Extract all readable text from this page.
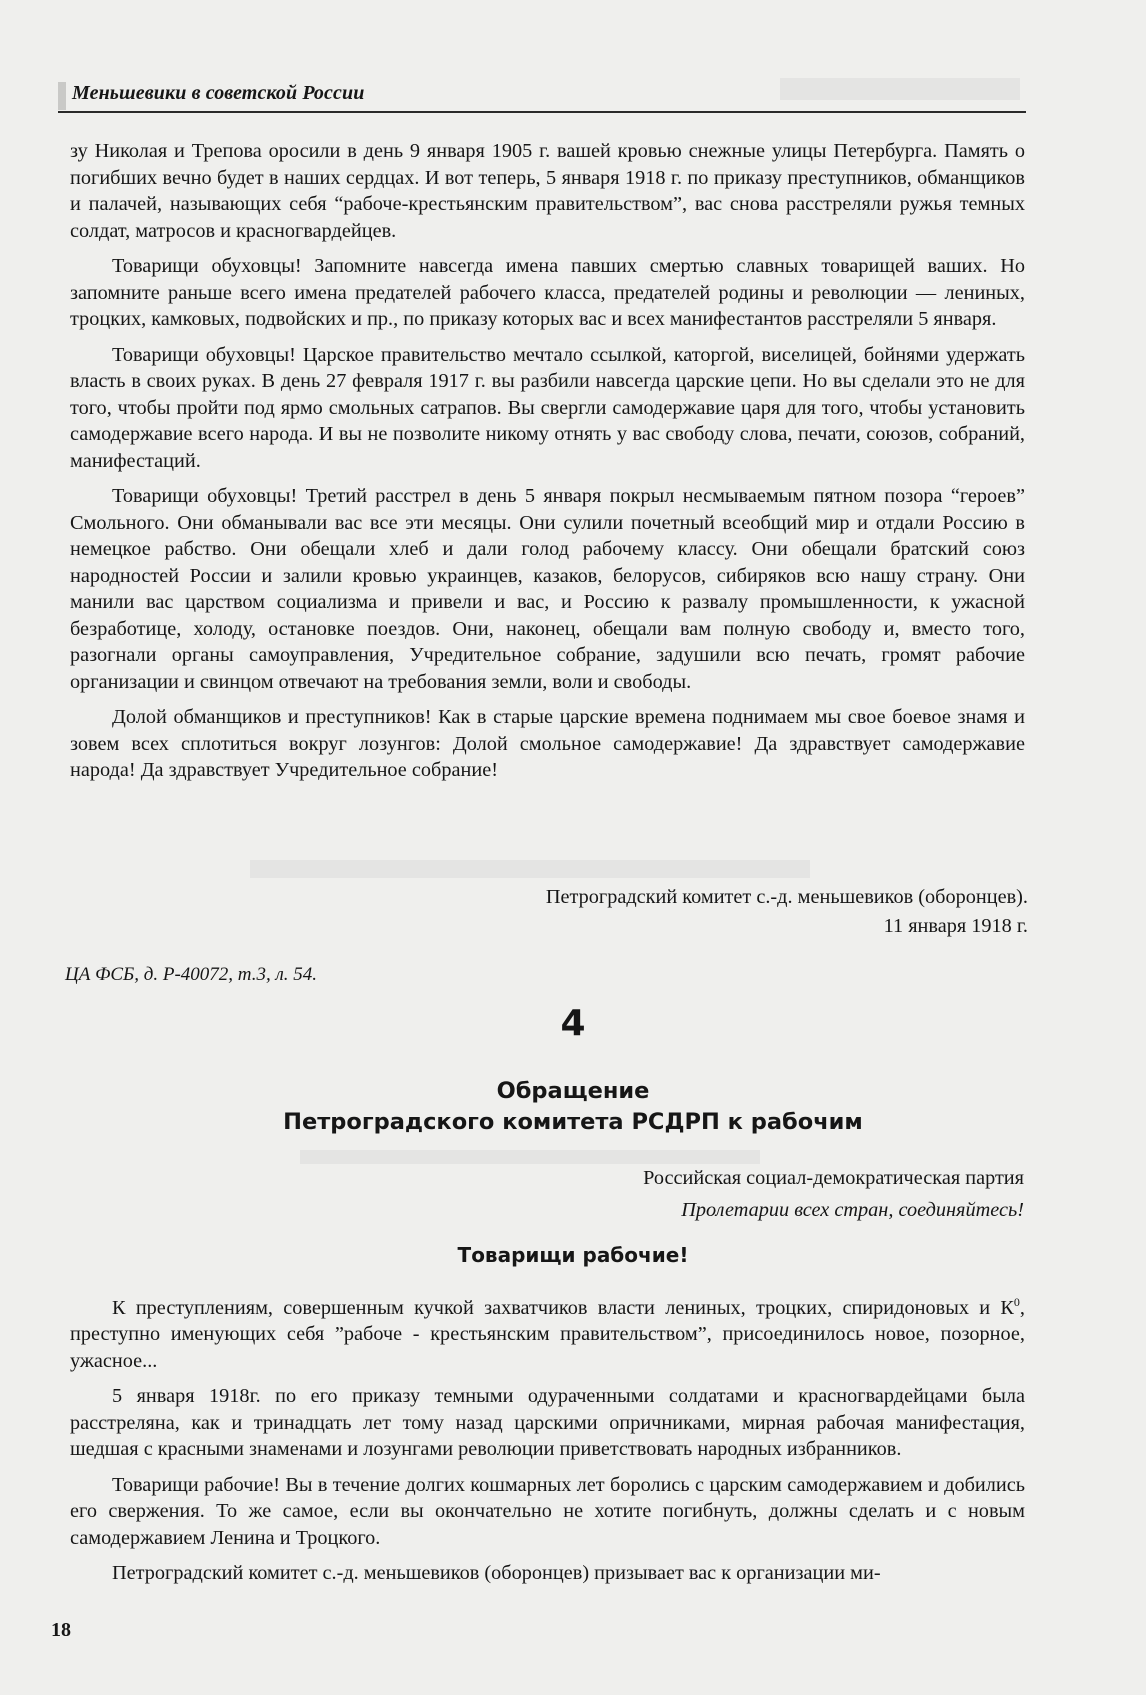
Меньшевики в советской России

зу Николая и Трепова оросили в день 9 января 1905 г. вашей кровью снежные улицы Петербурга. Память о погибших вечно будет в наших сердцах. И вот теперь, 5 января 1918 г. по приказу преступников, обманщиков и палачей, называющих себя “рабоче-крестьянским правительством”, вас снова расстреляли ружья темных солдат, матросов и красногвардейцев.

Товарищи обуховцы! Запомните навсегда имена павших смертью славных товарищей ваших. Но запомните раньше всего имена предателей рабочего класса, предателей родины и революции — лениных, троцких, камковых, подвойских и пр., по приказу которых вас и всех манифестантов расстреляли 5 января.

Товарищи обуховцы! Царское правительство мечтало ссылкой, каторгой, виселицей, бойнями удержать власть в своих руках. В день 27 февраля 1917 г. вы разбили навсегда царские цепи. Но вы сделали это не для того, чтобы пройти под ярмо смольных сатрапов. Вы свергли самодержавие царя для того, чтобы установить самодержавие всего народа. И вы не позволите никому отнять у вас свободу слова, печати, союзов, собраний, манифестаций.

Товарищи обуховцы! Третий расстрел в день 5 января покрыл несмываемым пятном позора “героев” Смольного. Они обманывали вас все эти месяцы. Они сулили почетный всеобщий мир и отдали Россию в немецкое рабство. Они обещали хлеб и дали голод рабочему классу. Они обещали братский союз народностей России и залили кровью украинцев, казаков, белорусов, сибиряков всю нашу страну. Они манили вас царством социализма и привели и вас, и Россию к развалу промышленности, к ужасной безработице, холоду, остановке поездов. Они, наконец, обещали вам полную свободу и, вместо того, разогнали органы самоуправления, Учредительное собрание, задушили всю печать, громят рабочие организации и свинцом отвечают на требования земли, воли и свободы.

Долой обманщиков и преступников! Как в старые царские времена поднимаем мы свое боевое знамя и зовем всех сплотиться вокруг лозунгов: Долой смольное самодержавие! Да здравствует самодержавие народа! Да здравствует Учредительное собрание!

Петроградский комитет с.-д. меньшевиков (оборонцев).
11 января 1918 г.
ЦА ФСБ, д. Р-40072, т.3, л. 54.
4
Обращение
Петроградского комитета РСДРП к рабочим
Российская социал-демократическая партия
Пролетарии всех стран, соединяйтесь!
Товарищи рабочие!

К преступлениям, совершенным кучкой захватчиков власти лениных, троцких, спиридоновых и $К^0$, преступно именующих себя ”рабоче - крестьянским правительством”, присоединилось новое, позорное, ужасное...

5 января 1918г. по его приказу темными одураченными солдатами и красногвардейцами была расстреляна, как и тринадцать лет тому назад царскими опричниками, мирная рабочая манифестация, шедшая с красными знаменами и лозунгами революции приветствовать народных избранников.

Товарищи рабочие! Вы в течение долгих кошмарных лет боролись с царским самодержавием и добились его свержения. То же самое, если вы окончательно не хотите погибнуть, должны сделать и с новым самодержавием Ленина и Троцкого.

Петроградский комитет с.-д. меньшевиков (оборонцев) призывает вас к организации ми-

18
